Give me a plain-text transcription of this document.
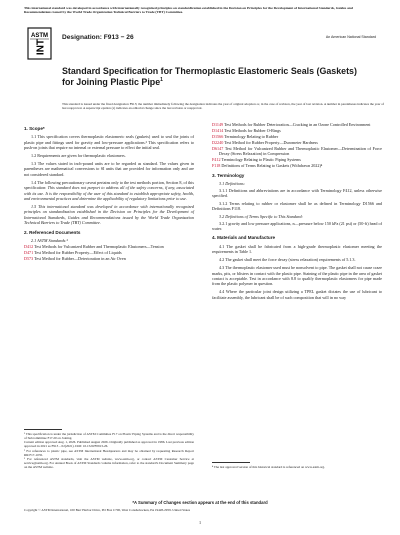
This international standard was developed in accordance with internationally recognized principles on standardization established in the Decision on Principles for the Development of International Standards, Guides and Recommendations issued by the World Trade Organization Technical Barriers to Trade (TBT) Committee.
ASTM
INT
Designation: F913 − 26	An American National Standard
Standard Specification for Thermoplastic Elastomeric Seals (Gaskets) for Joining Plastic Pipe$^1$
This standard is issued under the fixed designation F913; the number immediately following the designation indicates the year of original adoption or, in the case of revision, the year of last revision. A number in parentheses indicates the year of last reapproval. A superscript epsilon (ε) indicates an editorial change since the last revision or reapproval.
1. Scope*

1.1 This specification covers thermoplastic elastomeric seals (gaskets) used to seal the joints of plastic pipe and fittings used for gravity and low-pressure applications.² This specification refers to push-on joints that require no internal or external pressure to effect the initial seal.

1.2 Requirements are given for thermoplastic elastomers.

1.3 The values stated in inch-pound units are to be regarded as standard. The values given in parentheses are mathematical conversions to SI units that are provided for information only and are not considered standard.

1.4 The following precautionary caveat pertains only to the test methods portion, Section 8, of this specification: This standard does not purport to address all of the safety concerns, if any, associated with its use. It is the responsibility of the user of this standard to establish appropriate safety, health, and environmental practices and determine the applicability of regulatory limitations prior to use.

1.5 This international standard was developed in accordance with internationally recognized principles on standardization established in the Decision on Principles for the Development of International Standards, Guides and Recommendations issued by the World Trade Organization Technical Barriers to Trade (TBT) Committee.

2. Referenced Documents
2.1 ASTM Standards:³
D412 Test Methods for Vulcanized Rubber and Thermoplastic Elastomers—Tension
D471 Test Method for Rubber Property—Effect of Liquids
D573 Test Method for Rubber—Deterioration in an Air Oven
D1149 Test Methods for Rubber Deterioration—Cracking in an Ozone Controlled Environment
D1414 Test Methods for Rubber O-Rings
D1566 Terminology Relating to Rubber
D2240 Test Method for Rubber Property—Durometer Hardness
D6147 Test Method for Vulcanized Rubber and Thermoplastic Elastomer—Determination of Force Decay (Stress Relaxation) in Compression
F412 Terminology Relating to Plastic Piping Systems
F118 Definitions of Terms Relating to Gaskets (Withdrawn 2022)⁴
3. Terminology
3.1 Definitions:

3.1.1 Definitions and abbreviations are in accordance with Terminology F412, unless otherwise specified.

3.1.2 Terms relating to rubber or elastomer shall be as defined in Terminology D1566 and Definitions F118.

3.2 Definitions of Terms Specific to This Standard:

3.2.1 gravity and low pressure applications, n—pressure below 150 kPa (21 psi) or (50-ft) head of water.

4. Materials and Manufacture

4.1 The gasket shall be fabricated from a high-grade thermoplastic elastomer meeting the requirements in Table 1.

4.2 The gasket shall meet the force decay (stress relaxation) requirements of 5.1.3.

4.3 The thermoplastic elastomer used must be nonsolvent to pipe. The gasket shall not cause craze marks, pits, or blisters in contact with the plastic pipe. Staining of the plastic pipe in the area of gasket contact is acceptable. Test in accordance with 8.8 to qualify thermoplastic elastomers for pipe made from the plastic polymer in question.

4.4 Where the particular joint design utilizing a TPEL gasket dictates the use of lubricant to facilitate assembly, the lubricant shall be of such composition that will in no way

¹ This specification is under the jurisdiction of ASTM Committee F17 on Plastic Piping Systems and is the direct responsibility of Subcommittee F17.20 on Joining.
Current edition approved Aug. 1, 2026. Published August 2026. Originally published as approved in 1986. Last previous edition approved in 2021 as F913 – 02(2021). DOI: 10.1520/F0913-26.
² For references to plastic pipe, see ASTM International Headquarters and may be obtained by requesting Research Report RR:F17-1035.
³ For referenced ASTM standards, visit the ASTM website, www.astm.org, or contact ASTM Customer Service at service@astm.org. For Annual Book of ASTM Standards volume information, refer to the standard's Document Summary page on the ASTM website.	⁴ The last approved version of this historical standard is referenced on www.astm.org.
*A Summary of Changes section appears at the end of this standard
Copyright © ASTM International, 100 Barr Harbor Drive, PO Box C700, West Conshohocken, PA 19428-2959. United States
1
